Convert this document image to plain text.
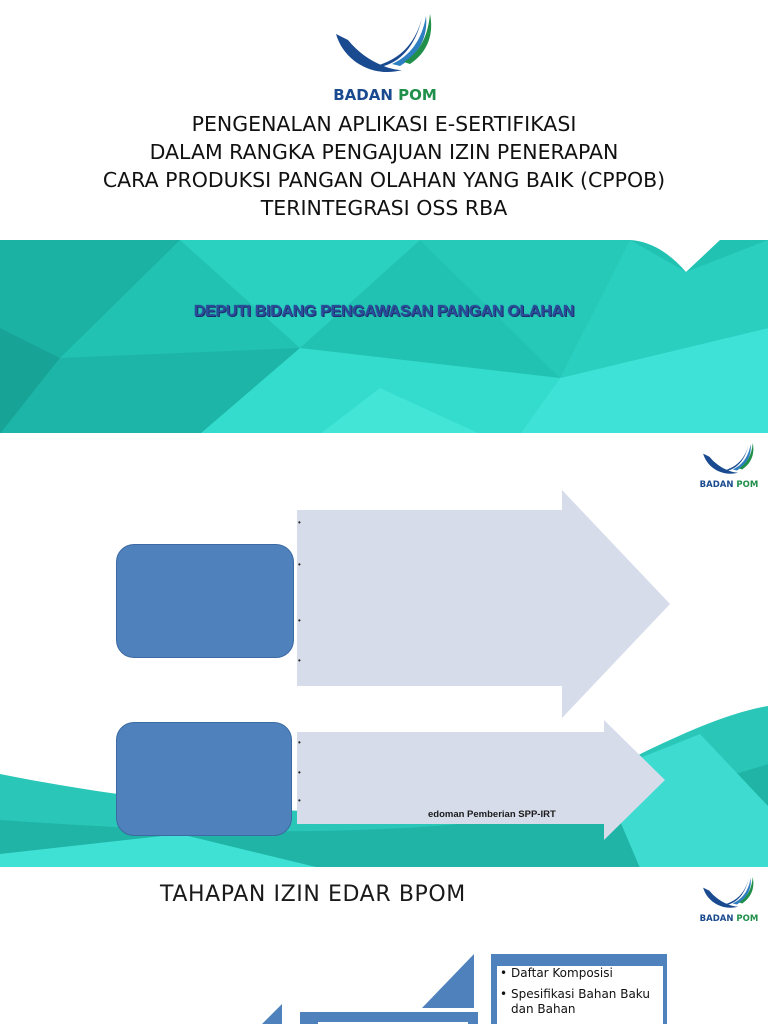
BADAN POM
PENGENALAN APLIKASI E-SERTIFIKASI
DALAM RANGKA PENGAJUAN IZIN PENERAPAN
CARA PRODUKSI PANGAN OLAHAN YANG BAIK (CPPOB)
TERINTEGRASI OSS RBA
DEPUTI BIDANG PENGAWASAN PANGAN OLAHAN
BADAN POM
•
•
•
•
•
•
•
edoman Pemberian SPP-IRT
TAHAPAN IZIN EDAR BPOM
BADAN POM
• Daftar Komposisi
• Spesifikasi Bahan Baku dan Bahan
